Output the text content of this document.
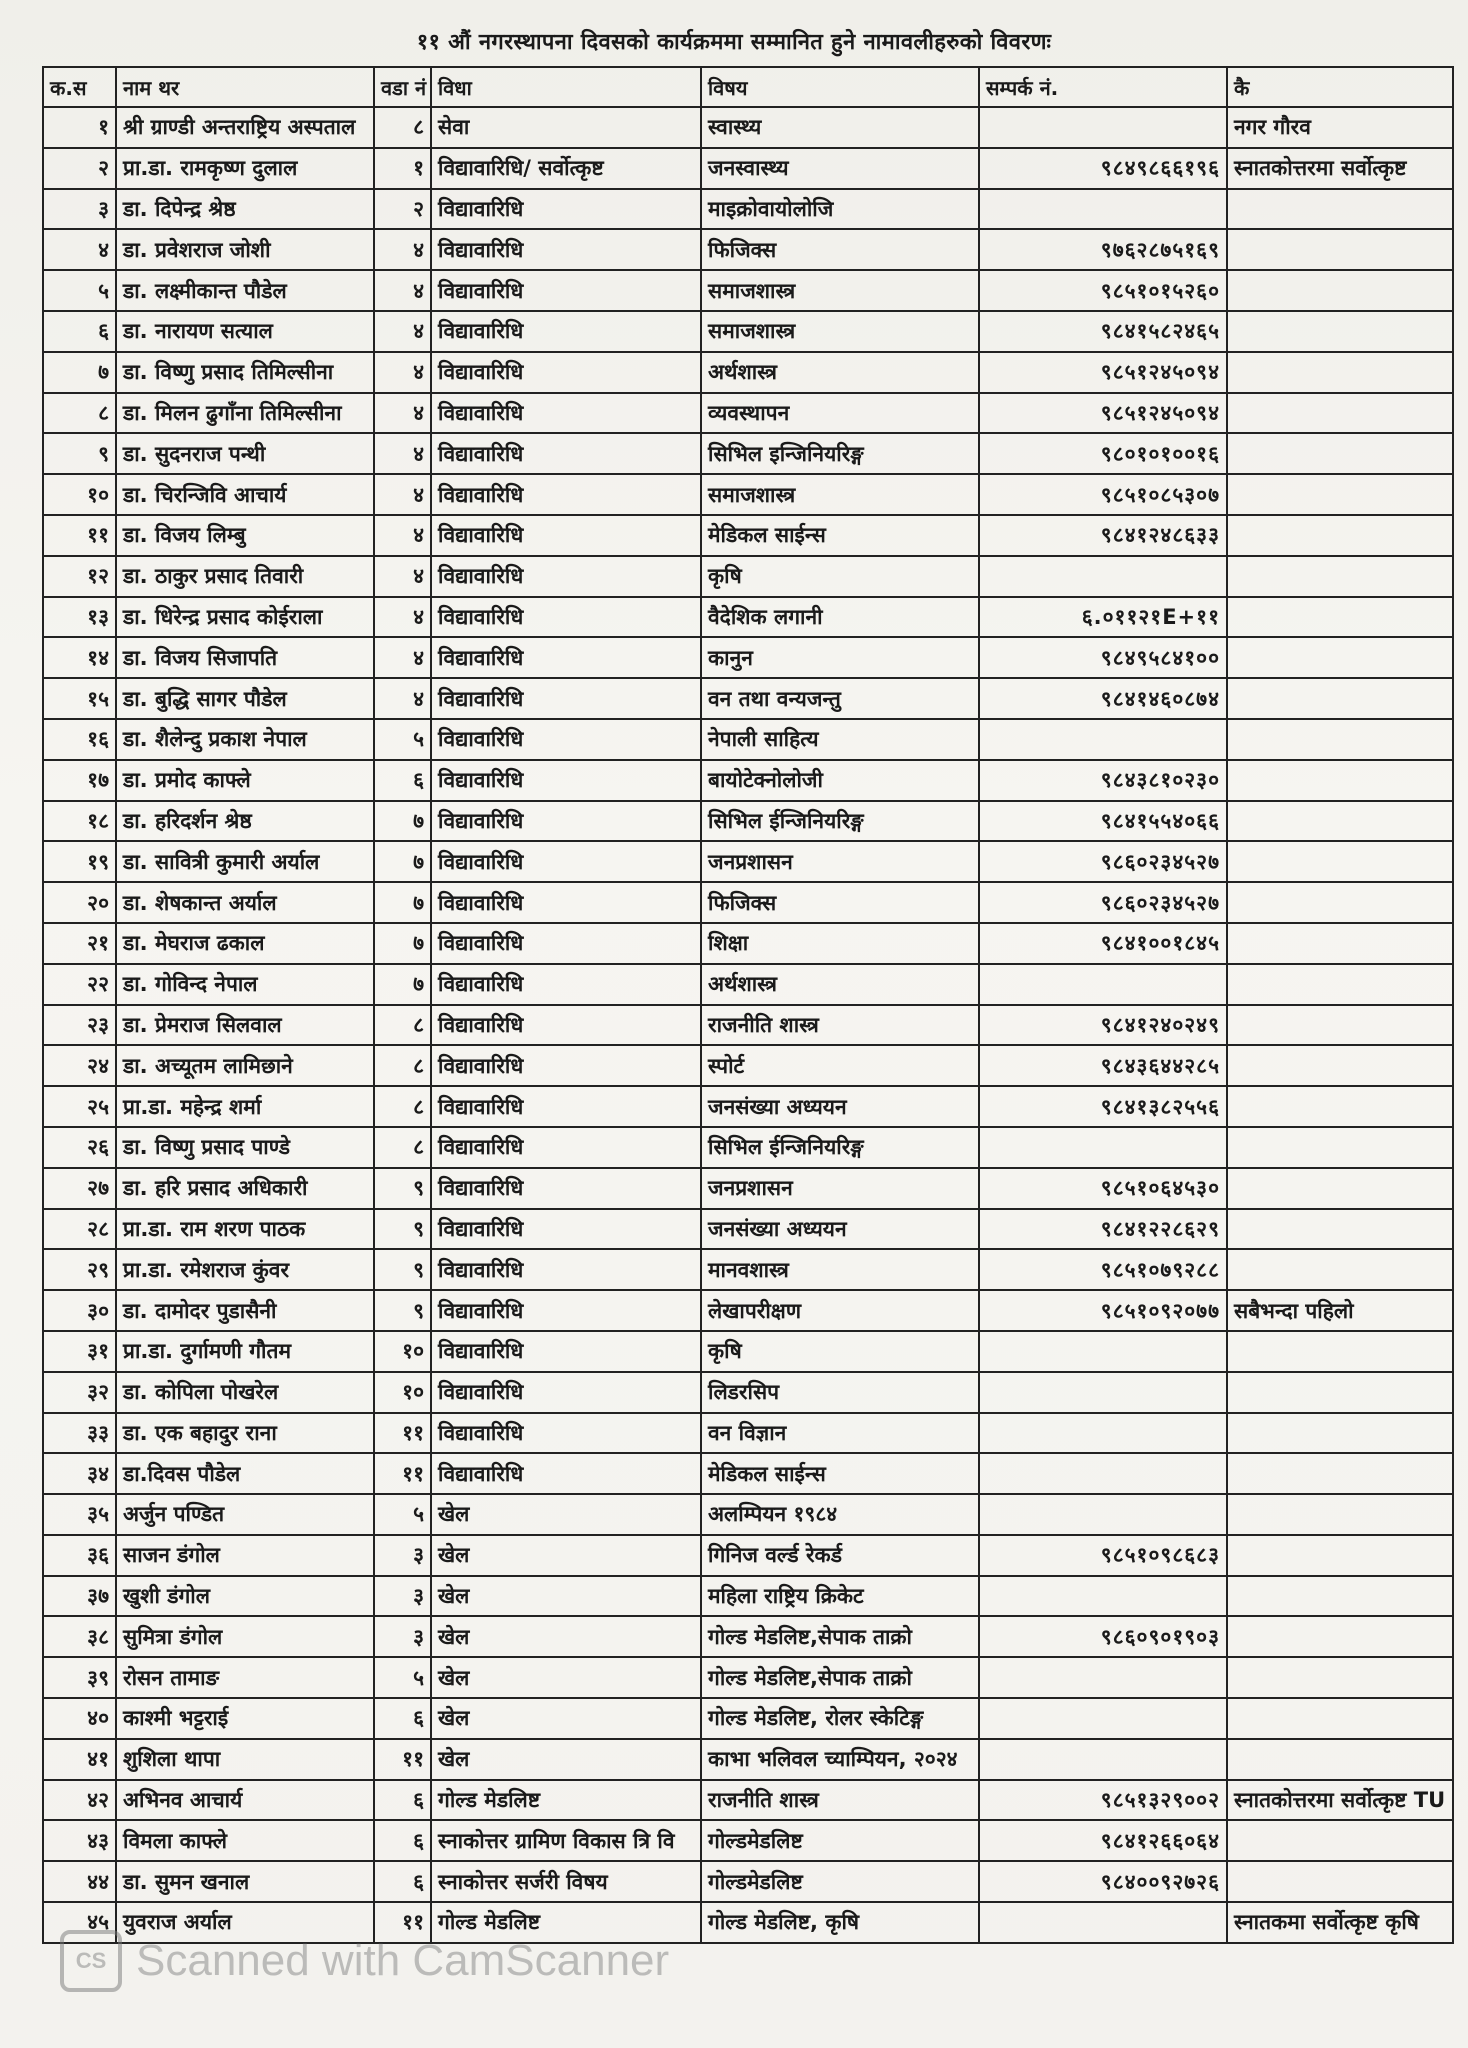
११ औं नगरस्थापना दिवसको कार्यक्रममा सम्मानित हुने नामावलीहरुको विवरणः
क.स	नाम थर	वडा नं	विधा	विषय	सम्पर्क नं.	कै
१	श्री ग्राण्डी अन्तराष्ट्रिय अस्पताल	८	सेवा	स्वास्थ्य		नगर गौरव
२	प्रा.डा. रामकृष्ण दुलाल	१	विद्यावारिधि/ सर्वोत्कृष्ट	जनस्वास्थ्य	९८४९८६६१९६	स्नातकोत्तरमा सर्वोत्कृष्ट
३	डा. दिपेन्द्र श्रेष्ठ	२	विद्यावारिधि	माइक्रोवायोलोजि		
४	डा. प्रवेशराज जोशी	४	विद्यावारिधि	फिजिक्स	९७६२८७५१६९	
५	डा. लक्ष्मीकान्त पौडेल	४	विद्यावारिधि	समाजशास्त्र	९८५१०१५२६०	
६	डा. नारायण सत्याल	४	विद्यावारिधि	समाजशास्त्र	९८४१५८२४६५	
७	डा. विष्णु प्रसाद तिमिल्सीना	४	विद्यावारिधि	अर्थशास्त्र	९८५१२४५०९४	
८	डा. मिलन ढुगाँना तिमिल्सीना	४	विद्यावारिधि	व्यवस्थापन	९८५१२४५०९४	
९	डा. सुदनराज पन्थी	४	विद्यावारिधि	सिभिल इन्जिनियरिङ्ग	९८०१०१००१६	
१०	डा. चिरन्जिवि आचार्य	४	विद्यावारिधि	समाजशास्त्र	९८५१०८५३०७	
११	डा. विजय लिम्बु	४	विद्यावारिधि	मेडिकल साईन्स	९८४१२४८६३३	
१२	डा. ठाकुर प्रसाद तिवारी	४	विद्यावारिधि	कृषि		
१३	डा. धिरेन्द्र प्रसाद कोईराला	४	विद्यावारिधि	वैदेशिक लगानी	६.०११२१E+११	
१४	डा. विजय सिजापति	४	विद्यावारिधि	कानुन	९८४९५८४१००	
१५	डा. बुद्धि सागर पौडेल	४	विद्यावारिधि	वन तथा वन्यजन्तु	९८४१४६०८७४	
१६	डा. शैलेन्दु प्रकाश नेपाल	५	विद्यावारिधि	नेपाली साहित्य		
१७	डा. प्रमोद काफ्ले	६	विद्यावारिधि	बायोटेक्नोलोजी	९८४३८१०२३०	
१८	डा. हरिदर्शन श्रेष्ठ	७	विद्यावारिधि	सिभिल ईन्जिनियरिङ्ग	९८४१५५४०६६	
१९	डा. सावित्री कुमारी अर्याल	७	विद्यावारिधि	जनप्रशासन	९८६०२३४५२७	
२०	डा. शेषकान्त अर्याल	७	विद्यावारिधि	फिजिक्स	९८६०२३४५२७	
२१	डा. मेघराज ढकाल	७	विद्यावारिधि	शिक्षा	९८४१००१८४५	
२२	डा. गोविन्द नेपाल	७	विद्यावारिधि	अर्थशास्त्र		
२३	डा. प्रेमराज सिलवाल	८	विद्यावारिधि	राजनीति शास्त्र	९८४१२४०२४९	
२४	डा. अच्यूतम लामिछाने	८	विद्यावारिधि	स्पोर्ट	९८४३६४४२८५	
२५	प्रा.डा. महेन्द्र शर्मा	८	विद्यावारिधि	जनसंख्या अध्ययन	९८४१३८२५५६	
२६	डा. विष्णु प्रसाद पाण्डे	८	विद्यावारिधि	सिभिल ईन्जिनियरिङ्ग		
२७	डा. हरि प्रसाद अधिकारी	९	विद्यावारिधि	जनप्रशासन	९८५१०६४५३०	
२८	प्रा.डा. राम शरण पाठक	९	विद्यावारिधि	जनसंख्या अध्ययन	९८४१२२८६२९	
२९	प्रा.डा. रमेशराज कुंवर	९	विद्यावारिधि	मानवशास्त्र	९८५१०७९२८८	
३०	डा. दामोदर पुडासैनी	९	विद्यावारिधि	लेखापरीक्षण	९८५१०९२०७७	सबैभन्दा पहिलो
३१	प्रा.डा. दुर्गामणी गौतम	१०	विद्यावारिधि	कृषि		
३२	डा. कोपिला पोखरेल	१०	विद्यावारिधि	लिडरसिप		
३३	डा. एक बहादुर राना	११	विद्यावारिधि	वन विज्ञान		
३४	डा.दिवस पौडेल	११	विद्यावारिधि	मेडिकल साईन्स		
३५	अर्जुन पण्डित	५	खेल	अलम्पियन १९८४		
३६	साजन डंगोल	३	खेल	गिनिज वर्ल्ड रेकर्ड	९८५१०९८६८३	
३७	खुशी डंगोल	३	खेल	महिला राष्ट्रिय क्रिकेट		
३८	सुमित्रा डंगोल	३	खेल	गोल्ड मेडलिष्ट,सेपाक ताक्रो	९८६०९०१९०३	
३९	रोसन तामाङ	५	खेल	गोल्ड मेडलिष्ट,सेपाक ताक्रो		
४०	काश्मी भट्टराई	६	खेल	गोल्ड मेडलिष्ट, रोलर स्केटिङ्ग		
४१	शुशिला थापा	११	खेल	काभा भलिवल च्याम्पियन, २०२४		
४२	अभिनव आचार्य	६	गोल्ड मेडलिष्ट	राजनीति शास्त्र	९८५१३२९००२	स्नातकोत्तरमा सर्वोत्कृष्ट TU
४३	विमला काफ्ले	६	स्नाकोत्तर ग्रामिण विकास त्रि वि	गोल्डमेडलिष्ट	९८४१२६६०६४	
४४	डा. सुमन खनाल	६	स्नाकोत्तर सर्जरी विषय	गोल्डमेडलिष्ट	९८४००९२७२६	
४५	युवराज अर्याल	११	गोल्ड मेडलिष्ट	गोल्ड मेडलिष्ट, कृषि		स्नातकमा सर्वोत्कृष्ट कृषि
CS Scanned with CamScanner
